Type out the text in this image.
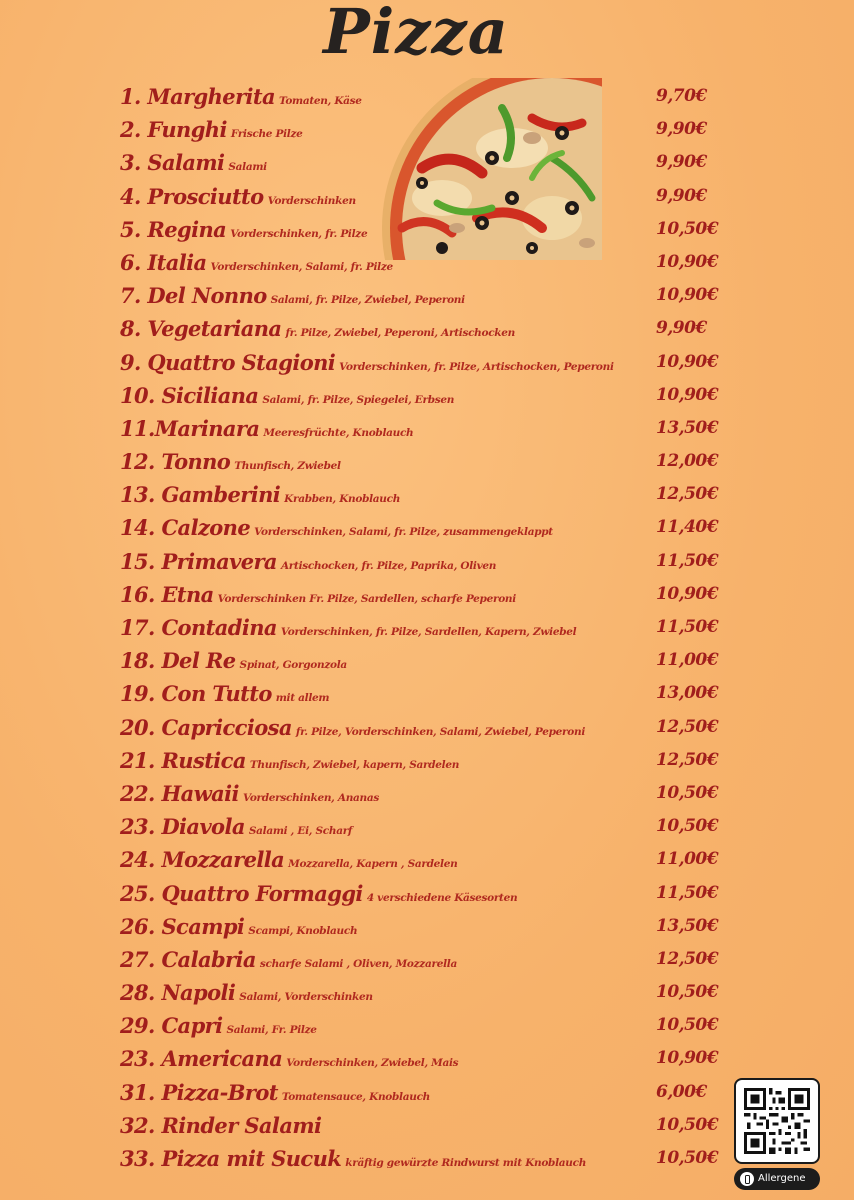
Pizza
1. Margherita Tomaten, Käse	9,70€
2. Funghi Frische Pilze	9,90€
3. Salami Salami	9,90€
4. Prosciutto Vorderschinken	9,90€
5. Regina Vorderschinken, fr. Pilze	10,50€
6. Italia Vorderschinken, Salami, fr. Pilze	10,90€
7. Del Nonno Salami, fr. Pilze, Zwiebel, Peperoni	10,90€
8. Vegetariana fr. Pilze, Zwiebel, Peperoni, Artischocken	9,90€
9. Quattro Stagioni Vorderschinken, fr. Pilze, Artischocken, Peperoni 10,90€
10. Siciliana Salami, fr. Pilze, Spiegelei, Erbsen	10,90€
11.Marinara Meeresfrüchte, Knoblauch	13,50€
12. Tonno Thunfisch, Zwiebel	12,00€
13. Gamberini Krabben, Knoblauch	12,50€
14. Calzone Vorderschinken, Salami, fr. Pilze, zusammengeklappt	11,40€
15. Primavera Artischocken, fr. Pilze, Paprika, Oliven	11,50€
16. Etna Vorderschinken Fr. Pilze, Sardellen, scharfe Peperoni	10,90€
17. Contadina Vorderschinken, fr. Pilze, Sardellen, Kapern, Zwiebel	11,50€
18. Del Re Spinat, Gorgonzola	11,00€
19. Con Tutto mit allem	13,00€
20. Capricciosa fr. Pilze, Vorderschinken, Salami, Zwiebel, Peperoni	12,50€
21. Rustica Thunfisch, Zwiebel, kapern, Sardelen	12,50€
22. Hawaii Vorderschinken, Ananas	10,50€
23. Diavola Salami , Ei, Scharf	10,50€
24. Mozzarella Mozzarella, Kapern , Sardelen	11,00€
25. Quattro Formaggi 4 verschiedene Käsesorten	11,50€
26. Scampi Scampi, Knoblauch	13,50€
27. Calabria scharfe Salami , Oliven, Mozzarella	12,50€
28. Napoli Salami, Vorderschinken	10,50€
29. Capri Salami, Fr. Pilze	10,50€
23. Americana Vorderschinken, Zwiebel, Mais	10,90€
31. Pizza-Brot Tomatensauce, Knoblauch	6,00€
32. Rinder Salami	10,50€
33. Pizza mit Sucuk kräftig gewürzte Rindwurst mit Knoblauch	10,50€
Allergene
